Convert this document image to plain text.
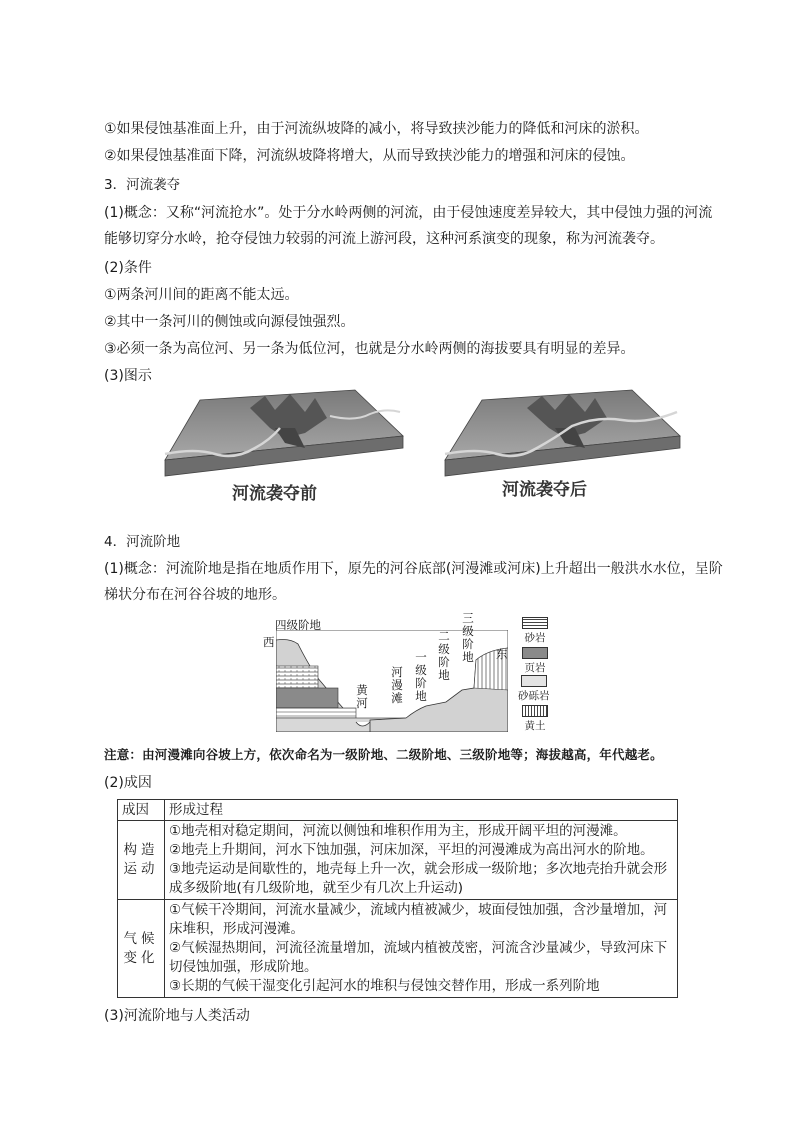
①如果侵蚀基准面上升，由于河流纵坡降的减小，将导致挟沙能力的降低和河床的淤积。
②如果侵蚀基准面下降，河流纵坡降将增大，从而导致挟沙能力的增强和河床的侵蚀。
3．河流袭夺
(1)概念：又称“河流抢水”。处于分水岭两侧的河流，由于侵蚀速度差异较大，其中侵蚀力强的河流能够切穿分水岭，抢夺侵蚀力较弱的河流上游河段，这种河系演变的现象，称为河流袭夺。
(2)条件
①两条河川间的距离不能太远。
②其中一条河川的侧蚀或向源侵蚀强烈。
③必须一条为高位河、另一条为低位河，也就是分水岭两侧的海拔要具有明显的差异。
(3)图示
河流袭夺前	河流袭夺后
4．河流阶地
(1)概念：河流阶地是指在地质作用下，原先的河谷底部(河漫滩或河床)上升超出一般洪水水位，呈阶梯状分布在河谷谷坡的地形。
四级阶地
西
东
黄河
河漫滩
一级阶地
二级阶地
三级阶地
砂岩
页岩
砂砾岩
黄土
注意：由河漫滩向谷坡上方，依次命名为一级阶地、二级阶地、三级阶地等；海拔越高，年代越老。
(2)成因
成因	形成过程
构造运动	①地壳相对稳定期间，河流以侧蚀和堆积作用为主，形成开阔平坦的河漫滩。
②地壳上升期间，河水下蚀加强，河床加深，平坦的河漫滩成为高出河水的阶地。
③地壳运动是间歇性的，地壳每上升一次，就会形成一级阶地；多次地壳抬升就会形成多级阶地(有几级阶地，就至少有几次上升运动)

气候变化	①气候干冷期间，河流水量减少，流域内植被减少，坡面侵蚀加强，含沙量增加，河床堆积，形成河漫滩。
②气候湿热期间，河流径流量增加，流域内植被茂密，河流含沙量减少，导致河床下切侵蚀加强，形成阶地。
③长期的气候干湿变化引起河水的堆积与侵蚀交替作用，形成一系列阶地
(3)河流阶地与人类活动
